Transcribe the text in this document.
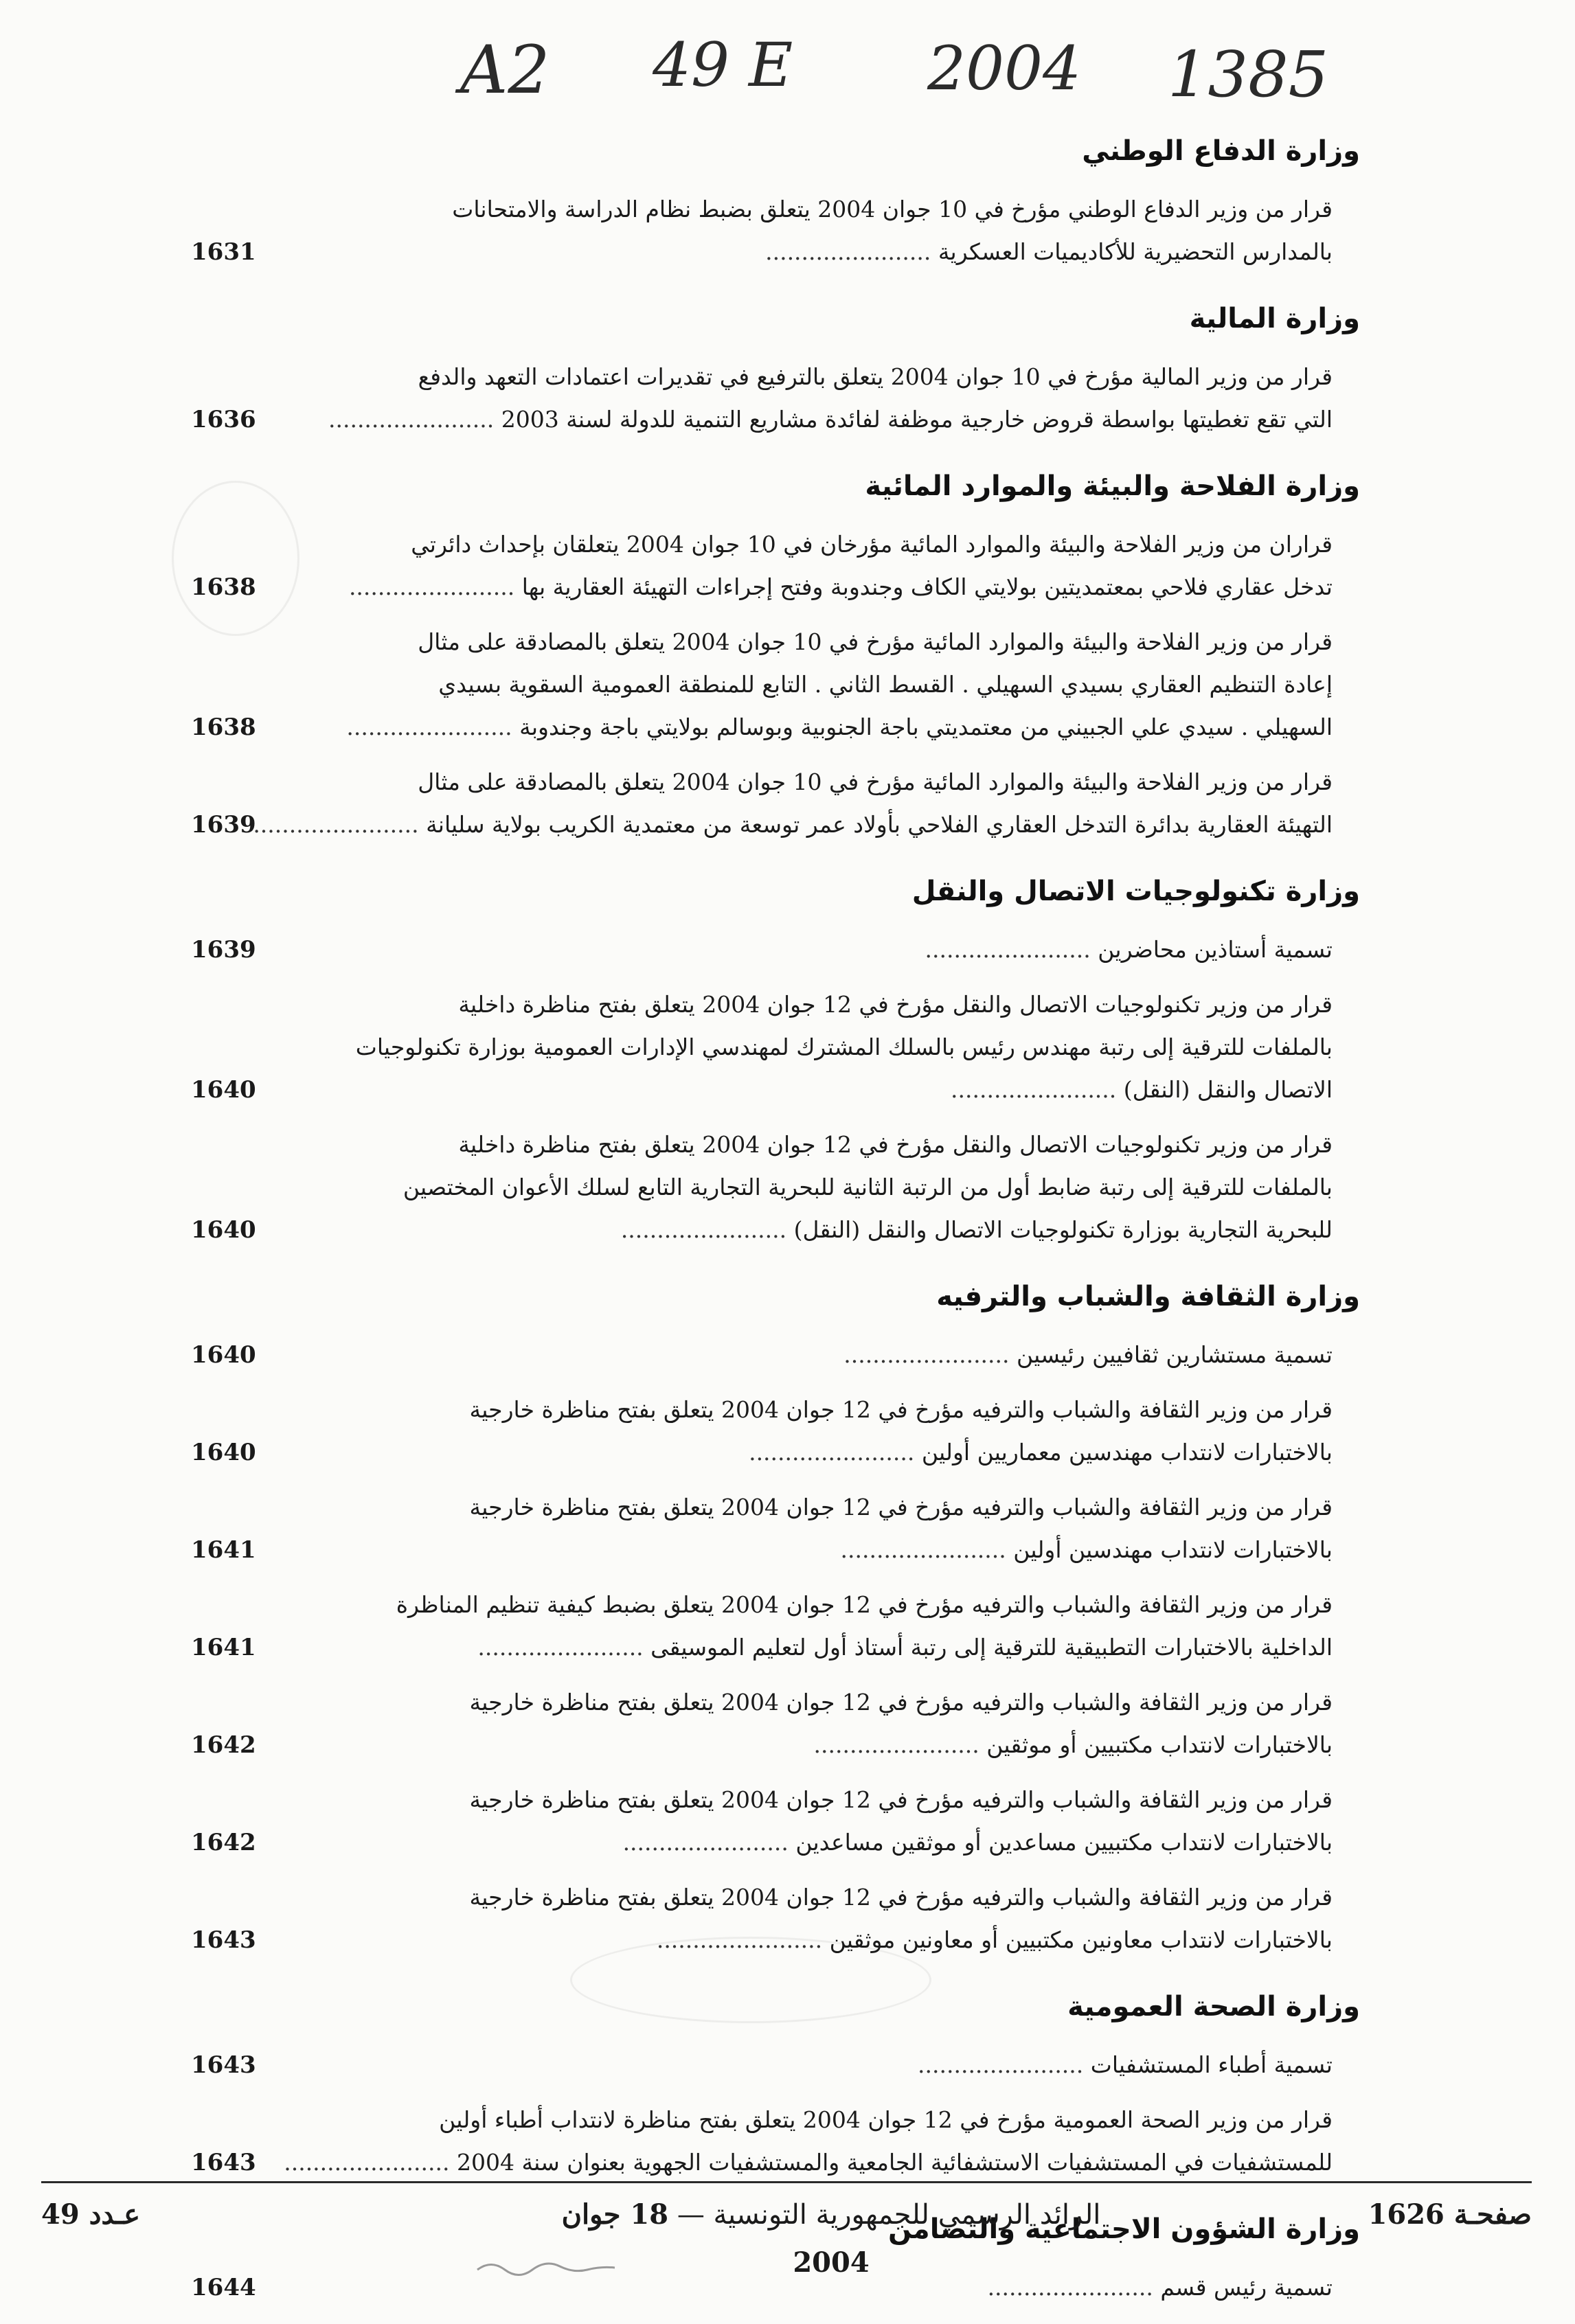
A2 49 E 2004 1385
وزارة الدفاع الوطني
قرار من وزير الدفاع الوطني مؤرخ في 10 جوان 2004 يتعلق بضبط نظام الدراسة والامتحانات
بالمدارس التحضيرية للأكاديميات العسكرية .....
1631
وزارة المالية
قرار من وزير المالية مؤرخ في 10 جوان 2004 يتعلق بالترفيع في تقديرات اعتمادات التعهد والدفع
التي تقع تغطيتها بواسطة قروض خارجية موظفة لفائدة مشاريع التنمية للدولة لسنة 2003 .....
1636
وزارة الفلاحة والبيئة والموارد المائية
قراران من وزير الفلاحة والبيئة والموارد المائية مؤرخان في 10 جوان 2004 يتعلقان بإحداث دائرتي
تدخل عقاري فلاحي بمعتمديتين بولايتي الكاف وجندوبة وفتح إجراءات التهيئة العقارية بها .....
1638
قرار من وزير الفلاحة والبيئة والموارد المائية مؤرخ في 10 جوان 2004 يتعلق بالمصادقة على مثال
إعادة التنظيم العقاري بسيدي السهيلي . القسط الثاني . التابع للمنطقة العمومية السقوية بسيدي
السهيلي . سيدي علي الجبيني من معتمديتي باجة الجنوبية وبوسالم بولايتي باجة وجندوبة .....
1638
قرار من وزير الفلاحة والبيئة والموارد المائية مؤرخ في 10 جوان 2004 يتعلق بالمصادقة على مثال
التهيئة العقارية بدائرة التدخل العقاري الفلاحي بأولاد عمر توسعة من معتمدية الكريب بولاية سليانة .....
1639
وزارة تكنولوجيات الاتصال والنقل
تسمية أستاذين محاضرين .....
1639
قرار من وزير تكنولوجيات الاتصال والنقل مؤرخ في 12 جوان 2004 يتعلق بفتح مناظرة داخلية
بالملفات للترقية إلى رتبة مهندس رئيس بالسلك المشترك لمهندسي الإدارات العمومية بوزارة تكنولوجيات
الاتصال والنقل (النقل) .....
1640
قرار من وزير تكنولوجيات الاتصال والنقل مؤرخ في 12 جوان 2004 يتعلق بفتح مناظرة داخلية
بالملفات للترقية إلى رتبة ضابط أول من الرتبة الثانية للبحرية التجارية التابع لسلك الأعوان المختصين
للبحرية التجارية بوزارة تكنولوجيات الاتصال والنقل (النقل) .....
1640
وزارة الثقافة والشباب والترفيه
تسمية مستشارين ثقافيين رئيسين .....
1640
قرار من وزير الثقافة والشباب والترفيه مؤرخ في 12 جوان 2004 يتعلق بفتح مناظرة خارجية
بالاختبارات لانتداب مهندسين معماريين أولين .....
1640
قرار من وزير الثقافة والشباب والترفيه مؤرخ في 12 جوان 2004 يتعلق بفتح مناظرة خارجية
بالاختبارات لانتداب مهندسين أولين .....
1641
قرار من وزير الثقافة والشباب والترفيه مؤرخ في 12 جوان 2004 يتعلق بضبط كيفية تنظيم المناظرة
الداخلية بالاختبارات التطبيقية للترقية إلى رتبة أستاذ أول لتعليم الموسيقى .....
1641
قرار من وزير الثقافة والشباب والترفيه مؤرخ في 12 جوان 2004 يتعلق بفتح مناظرة خارجية
بالاختبارات لانتداب مكتبيين أو موثقين .....
1642
قرار من وزير الثقافة والشباب والترفيه مؤرخ في 12 جوان 2004 يتعلق بفتح مناظرة خارجية
بالاختبارات لانتداب مكتبيين مساعدين أو موثقين مساعدين .....
1642
قرار من وزير الثقافة والشباب والترفيه مؤرخ في 12 جوان 2004 يتعلق بفتح مناظرة خارجية
بالاختبارات لانتداب معاونين مكتبيين أو معاونين موثقين .....
1643
وزارة الصحة العمومية
تسمية أطباء المستشفيات .....
1643
قرار من وزير الصحة العمومية مؤرخ في 12 جوان 2004 يتعلق بفتح مناظرة لانتداب أطباء أولين
للمستشفيات في المستشفيات الاستشفائية الجامعية والمستشفيات الجهوية بعنوان سنة 2004 .....
1643
وزارة الشؤون الاجتماعية والتضامن
تسمية رئيس قسم .....
1644
صفحـة 1626
الرائد الرسمي للجمهورية التونسية — 18 جوان 2004
عـدد 49
